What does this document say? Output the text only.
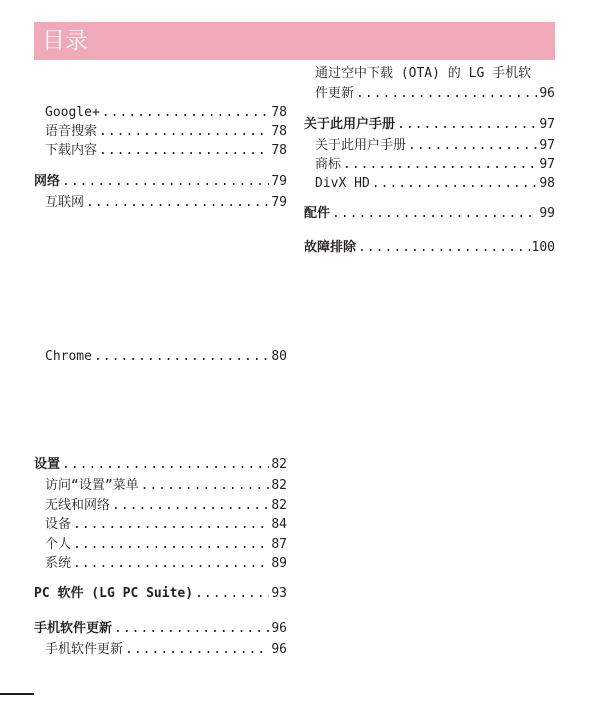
目录
Google+ .....	78
语音搜索 .....	78
下载内容 .....	78
网络 .....	79
互联网 .....	79
Chrome .....	80
设置 .....	82
访问“设置”菜单 .....	82
无线和网络 .....	82
设备 .....	84
个人 .....	87
系统 .....	89
PC 软件 (LG PC Suite) .....	93
手机软件更新 .....	96
手机软件更新 .....	96
通过空中下载 (OTA) 的 LG 手机软
件更新 .....	96
关于此用户手册 .....	97
关于此用户手册 .....	97
商标 .....	97
DivX HD .....	98
配件 .....	99
故障排除 .....	100
